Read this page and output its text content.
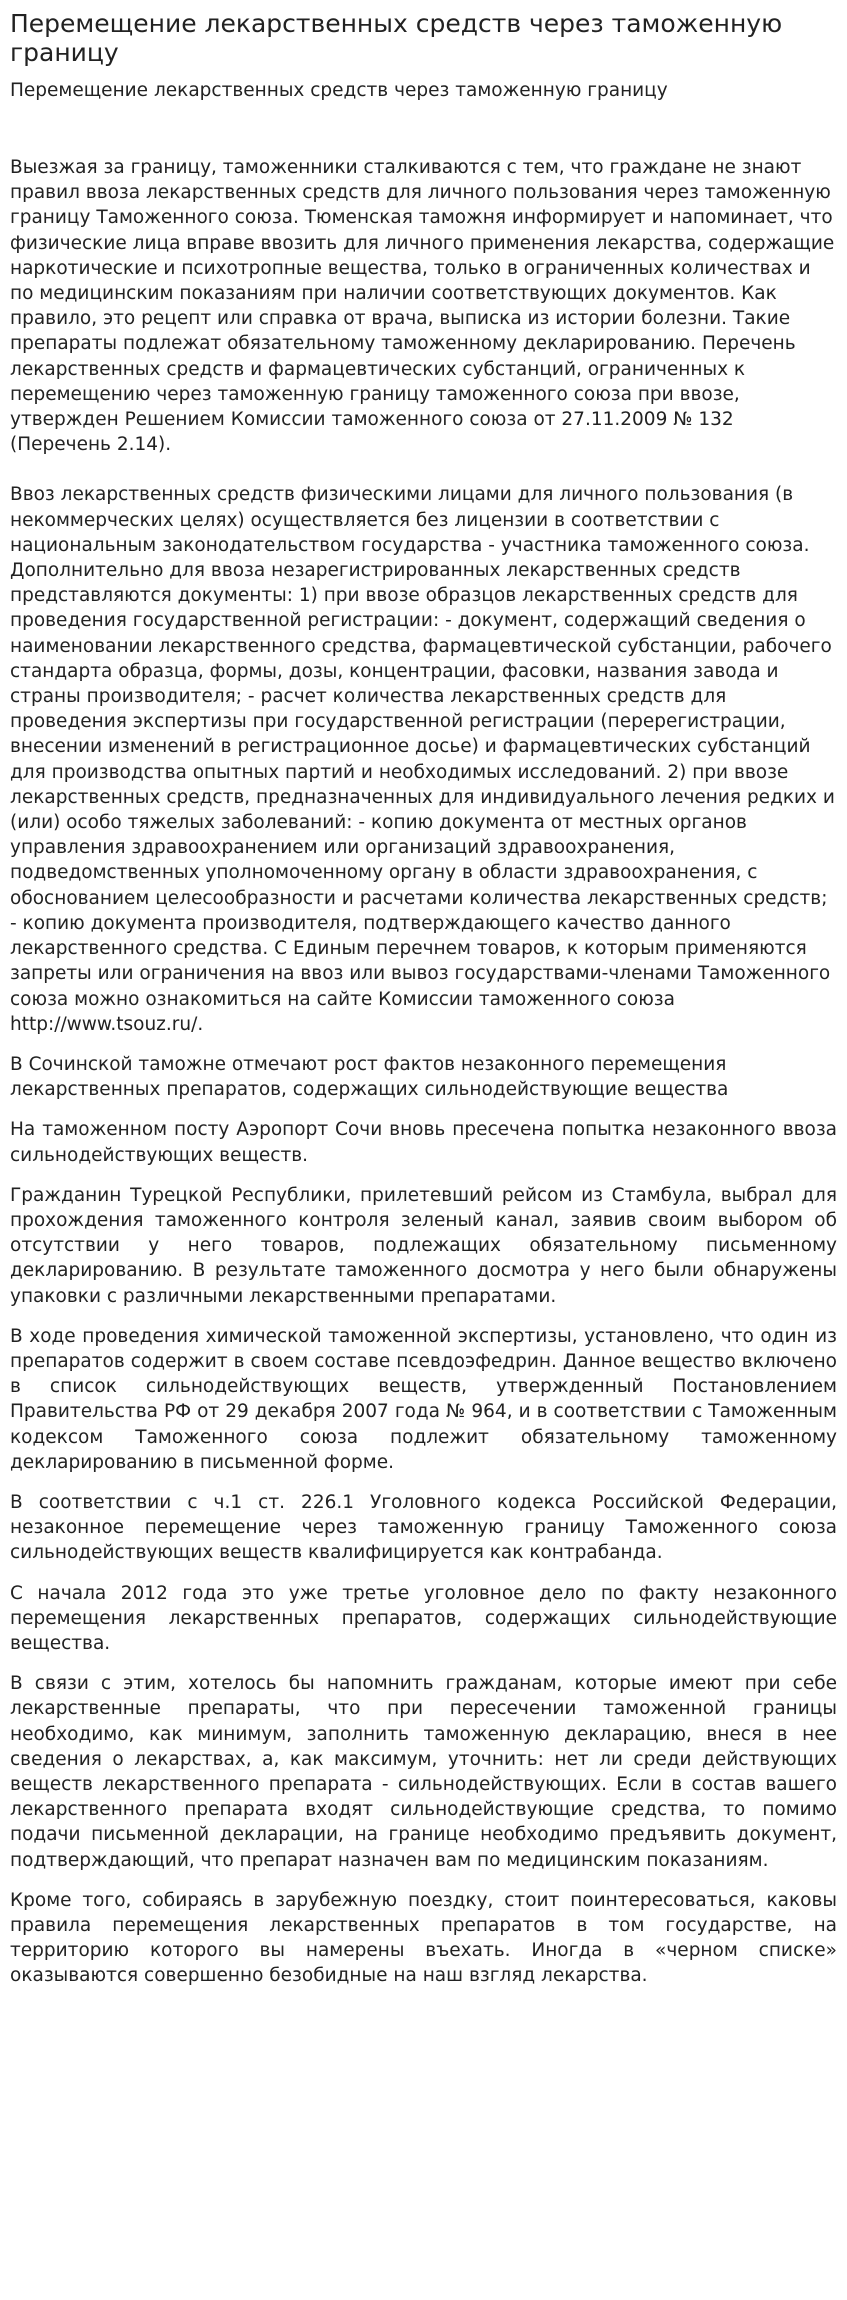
Перемещение лекарственных средств через таможенную границу
Перемещение лекарственных средств через таможенную границу

Выезжая за границу, таможенники сталкиваются с тем, что граждане не знают правил ввоза лекарственных средств для личного пользования через таможенную границу Таможенного союза. Тюменская таможня информирует и напоминает, что физические лица вправе ввозить для личного применения лекарства, содержащие наркотические и психотропные вещества, только в ограниченных количествах и по медицинским показаниям при наличии соответствующих документов. Как правило, это рецепт или справка от врача, выписка из истории болезни. Такие препараты подлежат обязательному таможенному декларированию. Перечень лекарственных средств и фармацевтических субстанций, ограниченных к перемещению через таможенную границу таможенного союза при ввозе, утвержден Решением Комиссии таможенного союза от 27.11.2009 № 132 (Перечень 2.14).

Ввоз лекарственных средств физическими лицами для личного пользования (в некоммерческих целях) осуществляется без лицензии в соответствии с национальным законодательством государства - участника таможенного союза. Дополнительно для ввоза незарегистрированных лекарственных средств представляются документы: 1) при ввозе образцов лекарственных средств для проведения государственной регистрации: - документ, содержащий сведения о наименовании лекарственного средства, фармацевтической субстанции, рабочего стандарта образца, формы, дозы, концентрации, фасовки, названия завода и страны производителя; - расчет количества лекарственных средств для проведения экспертизы при государственной регистрации (перерегистрации, внесении изменений в регистрационное досье) и фармацевтических субстанций для производства опытных партий и необходимых исследований. 2) при ввозе лекарственных средств, предназначенных для индивидуального лечения редких и (или) особо тяжелых заболеваний: - копию документа от местных органов управления здравоохранением или организаций здравоохранения, подведомственных уполномоченному органу в области здравоохранения, с обоснованием целесообразности и расчетами количества лекарственных средств; - копию документа производителя, подтверждающего качество данного лекарственного средства. С Единым перечнем товаров, к которым применяются запреты или ограничения на ввоз или вывоз государствами-членами Таможенного союза можно ознакомиться на сайте Комиссии таможенного союза http://www.tsouz.ru/.

В Сочинской таможне отмечают рост фактов незаконного перемещения лекарственных препаратов, содержащих сильнодействующие вещества

На таможенном посту Аэропорт Сочи вновь пресечена попытка незаконного ввоза сильнодействующих веществ.

Гражданин Турецкой Республики, прилетевший рейсом из Стамбула, выбрал для прохождения таможенного контроля зеленый канал, заявив своим выбором об отсутствии у него товаров, подлежащих обязательному письменному декларированию. В результате таможенного досмотра у него были обнаружены упаковки с различными лекарственными препаратами.

В ходе проведения химической таможенной экспертизы, установлено, что один из препаратов содержит в своем составе псевдоэфедрин. Данное вещество включено в список сильнодействующих веществ, утвержденный Постановлением Правительства РФ от 29 декабря 2007 года № 964, и в соответствии с Таможенным кодексом Таможенного союза подлежит обязательному таможенному декларированию в письменной форме.

В соответствии с ч.1 ст. 226.1 Уголовного кодекса Российской Федерации, незаконное перемещение через таможенную границу Таможенного союза сильнодействующих веществ квалифицируется как контрабанда.

С начала 2012 года это уже третье уголовное дело по факту незаконного перемещения лекарственных препаратов, содержащих сильнодействующие вещества.

В связи с этим, хотелось бы напомнить гражданам, которые имеют при себе лекарственные препараты, что при пересечении таможенной границы необходимо, как минимум, заполнить таможенную декларацию, внеся в нее сведения о лекарствах, а, как максимум, уточнить: нет ли среди действующих веществ лекарственного препарата - сильнодействующих. Если в состав вашего лекарственного препарата входят сильнодействующие средства, то помимо подачи письменной декларации, на границе необходимо предъявить документ, подтверждающий, что препарат назначен вам по медицинским показаниям.

Кроме того, собираясь в зарубежную поездку, стоит поинтересоваться, каковы правила перемещения лекарственных препаратов в том государстве, на территорию которого вы намерены въехать. Иногда в «черном списке» оказываются совершенно безобидные на наш взгляд лекарства.
